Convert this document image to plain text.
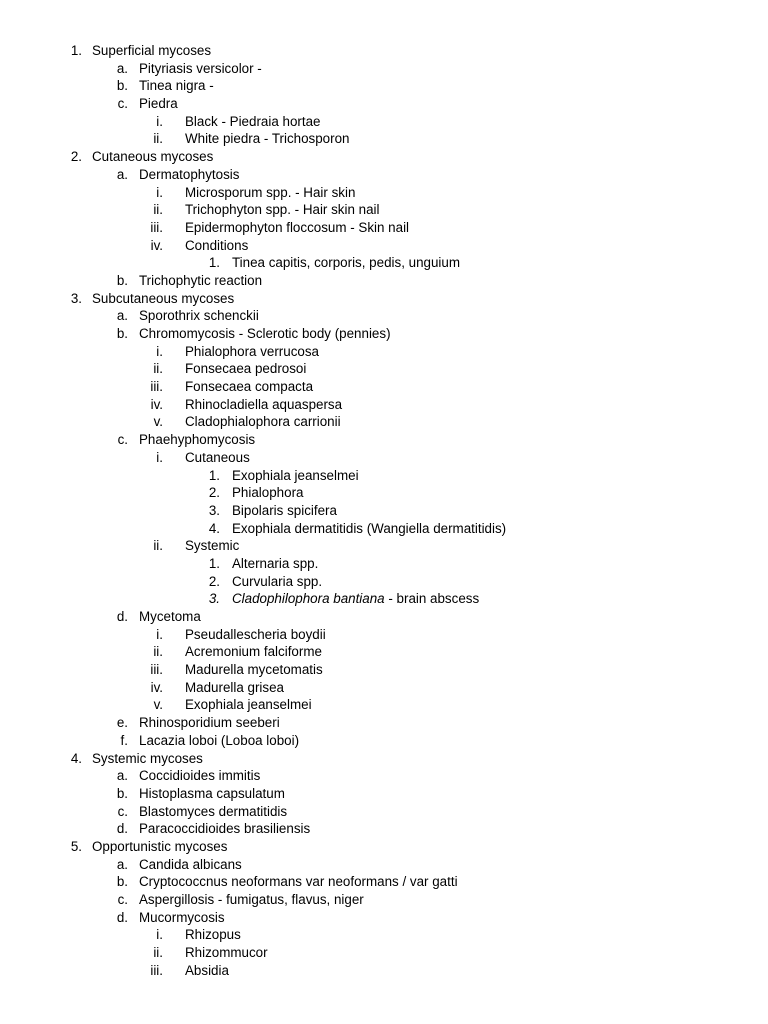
1. Superficial mycoses
a. Pityriasis versicolor -
b. Tinea nigra -
c. Piedra
i. Black - Piedraia hortae
ii. White piedra - Trichosporon
2. Cutaneous mycoses
a. Dermatophytosis
i. Microsporum spp. - Hair skin
ii. Trichophyton spp. - Hair skin nail
iii. Epidermophyton floccosum - Skin nail
iv. Conditions
1. Tinea capitis, corporis, pedis, unguium
b. Trichophytic reaction
3. Subcutaneous mycoses
a. Sporothrix schenckii
b. Chromomycosis - Sclerotic body (pennies)
i. Phialophora verrucosa
ii. Fonsecaea pedrosoi
iii. Fonsecaea compacta
iv. Rhinocladiella aquaspersa
v. Cladophialophora carrionii
c. Phaehyphomycosis
i. Cutaneous
1. Exophiala jeanselmei
2. Phialophora
3. Bipolaris spicifera
4. Exophiala dermatitidis (Wangiella dermatitidis)
ii. Systemic
1. Alternaria spp.
2. Curvularia spp.
3. Cladophilophora bantiana - brain abscess
d. Mycetoma
i. Pseudallescheria boydii
ii. Acremonium falciforme
iii. Madurella mycetomatis
iv. Madurella grisea
v. Exophiala jeanselmei
e. Rhinosporidium seeberi
f. Lacazia loboi (Loboa loboi)
4. Systemic mycoses
a. Coccidioides immitis
b. Histoplasma capsulatum
c. Blastomyces dermatitidis
d. Paracoccidioides brasiliensis
5. Opportunistic mycoses
a. Candida albicans
b. Cryptococcnus neoformans var neoformans / var gatti
c. Aspergillosis - fumigatus, flavus, niger
d. Mucormycosis
i. Rhizopus
ii. Rhizommucor
iii. Absidia
